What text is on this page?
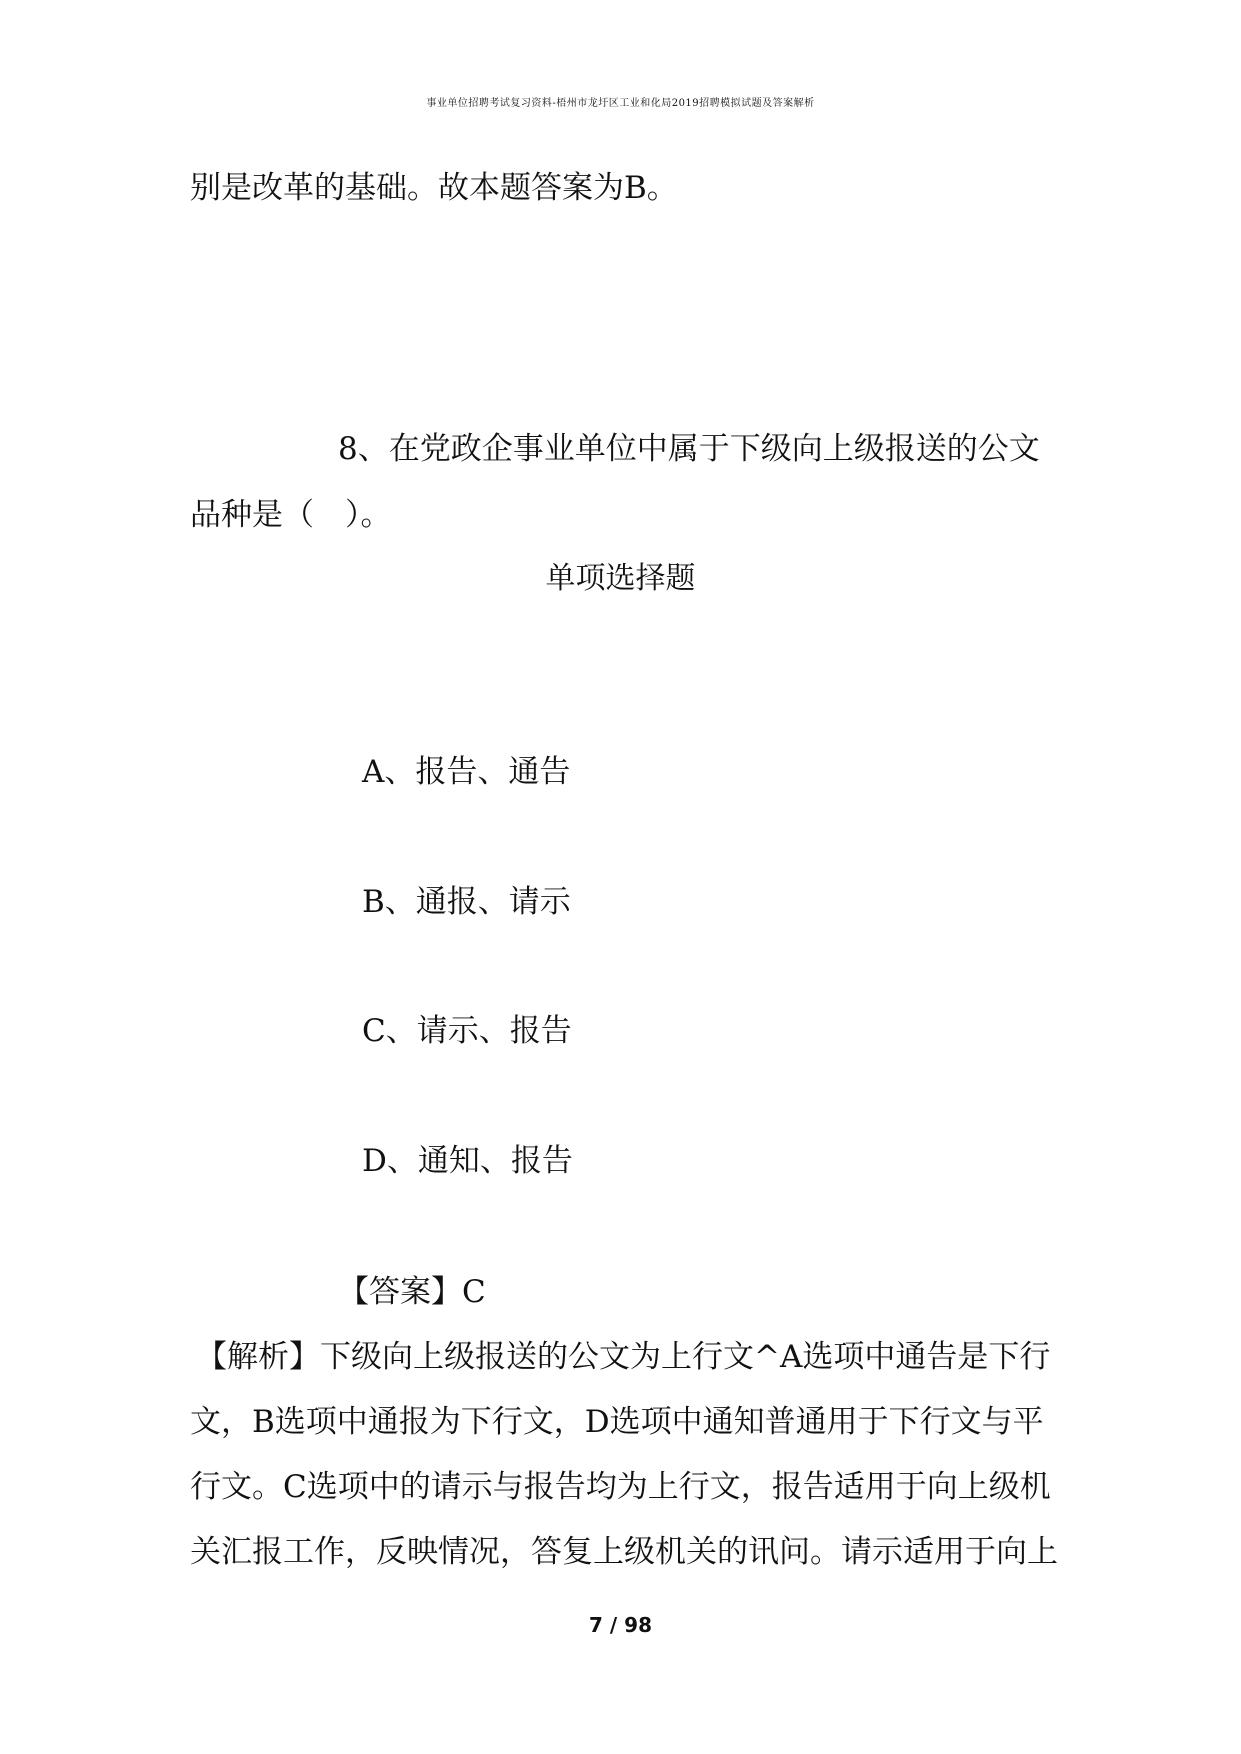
事业单位招聘考试复习资料-梧州市龙圩区工业和化局2019招聘模拟试题及答案解析
别是改革的基础。故本题答案为B。
8、在党政企事业单位中属于下级向上级报送的公文
品种是（　）。
单项选择题
A、报告、通告
B、通报、请示
C、请示、报告
D、通知、报告
【答案】C
【解析】下级向上级报送的公文为上行文^A选项中通告是下行
文，B选项中通报为下行文，D选项中通知普通用于下行文与平
行文。C选项中的请示与报告均为上行文，报告适用于向上级机
关汇报工作，反映情况，答复上级机关的讯问。请示适用于向上
7 / 98
